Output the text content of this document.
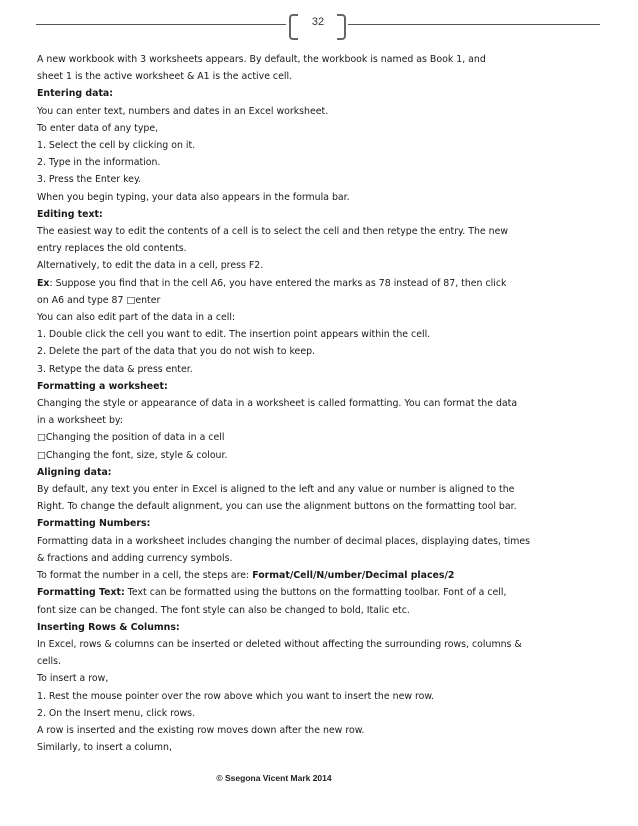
32
A new workbook with 3 worksheets appears. By default, the workbook is named as Book 1, and
sheet 1 is the active worksheet & A1 is the active cell.
Entering data:
You can enter text, numbers and dates in an Excel worksheet.
To enter data of any type,
1. Select the cell by clicking on it.
2. Type in the information.
3. Press the Enter key.
When you begin typing, your data also appears in the formula bar.
Editing text:
The easiest way to edit the contents of a cell is to select the cell and then retype the entry. The new
entry replaces the old contents.
Alternatively, to edit the data in a cell, press F2.
Ex: Suppose you find that in the cell A6, you have entered the marks as 78 instead of 87, then click
on A6 and type 87 □enter
You can also edit part of the data in a cell:
1. Double click the cell you want to edit. The insertion point appears within the cell.
2. Delete the part of the data that you do not wish to keep.
3. Retype the data & press enter.
Formatting a worksheet:
Changing the style or appearance of data in a worksheet is called formatting. You can format the data
in a worksheet by:
□Changing the position of data in a cell
□Changing the font, size, style & colour.
Aligning data:
By default, any text you enter in Excel is aligned to the left and any value or number is aligned to the
Right. To change the default alignment, you can use the alignment buttons on the formatting tool bar.
Formatting Numbers:
Formatting data in a worksheet includes changing the number of decimal places, displaying dates, times
& fractions and adding currency symbols.
To format the number in a cell, the steps are: Format/Cell/N/umber/Decimal places/2
Formatting Text: Text can be formatted using the buttons on the formatting toolbar. Font of a cell,
font size can be changed. The font style can also be changed to bold, Italic etc.
Inserting Rows & Columns:
In Excel, rows & columns can be inserted or deleted without affecting the surrounding rows, columns &
cells.
To insert a row,
1. Rest the mouse pointer over the row above which you want to insert the new row.
2. On the Insert menu, click rows.
A row is inserted and the existing row moves down after the new row.
Similarly, to insert a column,
© Ssegona Vicent Mark 2014
